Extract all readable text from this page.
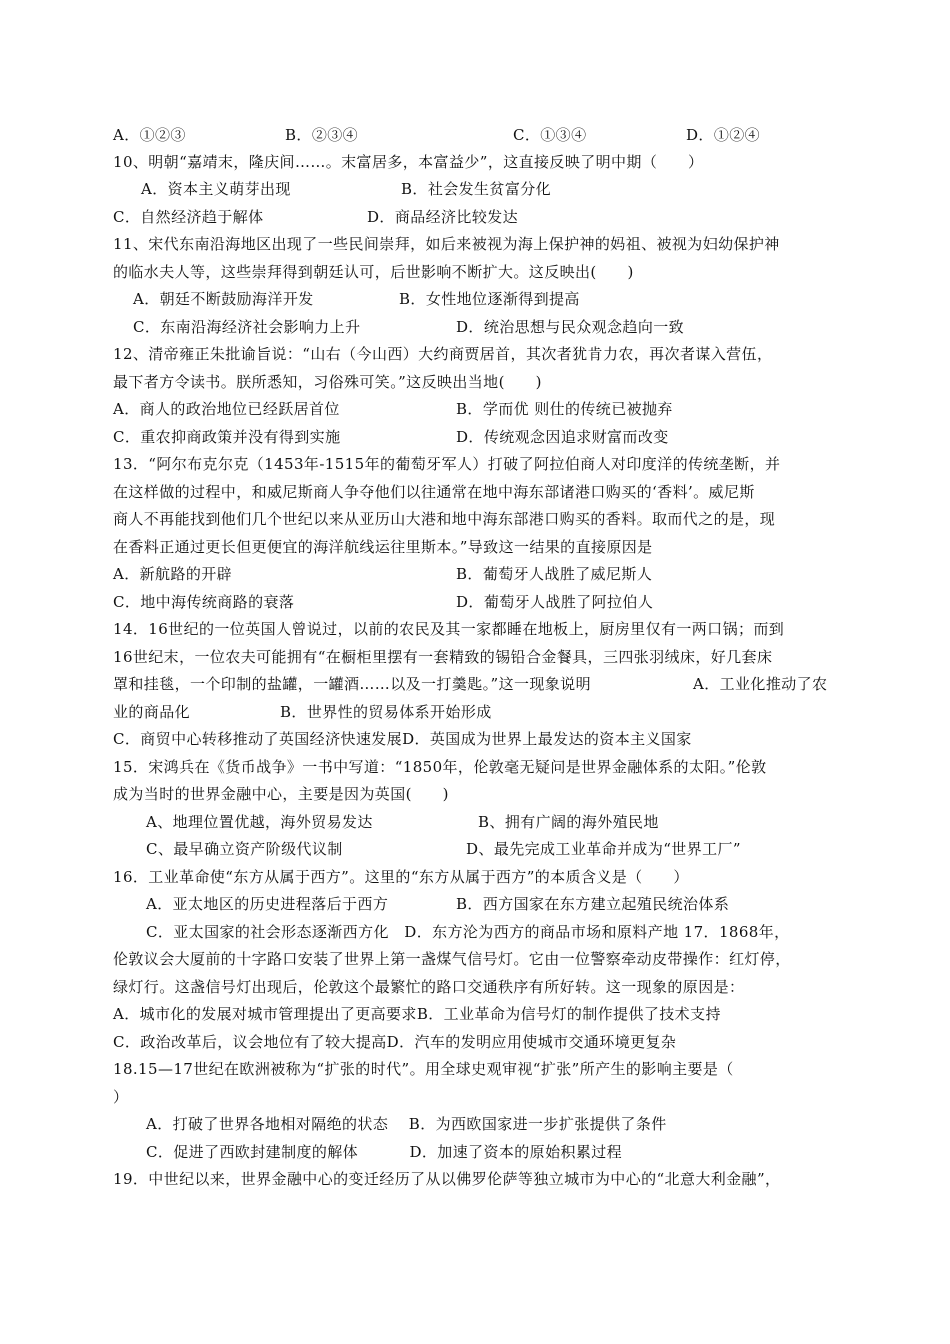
A．①②③	B．②③④	C．①③④	D．①②④
10、明朝“嘉靖末，隆庆间……。末富居多，本富益少”，这直接反映了明中期（　　）
A．资本主义萌芽出现	B．社会发生贫富分化
C．自然经济趋于解体	D．商品经济比较发达
11、宋代东南沿海地区出现了一些民间崇拜，如后来被视为海上保护神的妈祖、被视为妇幼保护神
的临水夫人等，这些崇拜得到朝廷认可，后世影响不断扩大。这反映出(　　)
A．朝廷不断鼓励海洋开发	B．女性地位逐渐得到提高
C．东南沿海经济社会影响力上升	D．统治思想与民众观念趋向一致
12、清帝雍正朱批谕旨说：“山右（今山西）大约商贾居首，其次者犹肯力农，再次者谋入营伍，
最下者方令读书。朕所悉知，习俗殊可笑。”这反映出当地(　　)
A．商人的政治地位已经跃居首位	B．学而优 则仕的传统已被抛弃
C．重农抑商政策并没有得到实施	D．传统观念因追求财富而改变
13．“阿尔布克尔克（1453年-1515年的葡萄牙军人）打破了阿拉伯商人对印度洋的传统垄断，并
在这样做的过程中，和威尼斯商人争夺他们以往通常在地中海东部诸港口购买的‘香料’。威尼斯
商人不再能找到他们几个世纪以来从亚历山大港和地中海东部港口购买的香料。取而代之的是，现
在香料正通过更长但更便宜的海洋航线运往里斯本。”导致这一结果的直接原因是
A．新航路的开辟	B．葡萄牙人战胜了威尼斯人
C．地中海传统商路的衰落	D．葡萄牙人战胜了阿拉伯人
14．16世纪的一位英国人曾说过，以前的农民及其一家都睡在地板上，厨房里仅有一两口锅；而到
16世纪末，一位农夫可能拥有“在橱柜里摆有一套精致的锡铅合金餐具，三四张羽绒床，好几套床
罩和挂毯，一个印制的盐罐，一罐酒……以及一打羹匙。”这一现象说明	A．工业化推动了农
业的商品化	B．世界性的贸易体系开始形成
C．商贸中心转移推动了英国经济快速发展D．英国成为世界上最发达的资本主义国家
15．宋鸿兵在《货币战争》一书中写道：“1850年，伦敦毫无疑问是世界金融体系的太阳。”伦敦
成为当时的世界金融中心，主要是因为英国(　　)
A、地理位置优越，海外贸易发达	B、拥有广阔的海外殖民地
C、最早确立资产阶级代议制	D、最先完成工业革命并成为“世界工厂”
16．工业革命使“东方从属于西方”。这里的“东方从属于西方”的本质含义是（　　）
A．亚太地区的历史进程落后于西方	B．西方国家在东方建立起殖民统治体系
C．亚太国家的社会形态逐渐西方化　D．东方沦为西方的商品市场和原料产地 17．1868年，
伦敦议会大厦前的十字路口安装了世界上第一盏煤气信号灯。它由一位警察牵动皮带操作：红灯停，
绿灯行。这盏信号灯出现后，伦敦这个最繁忙的路口交通秩序有所好转。这一现象的原因是：
A．城市化的发展对城市管理提出了更高要求B．工业革命为信号灯的制作提供了技术支持
C．政治改革后，议会地位有了较大提高D．汽车的发明应用使城市交通环境更复杂
18.15—17世纪在欧洲被称为“扩张的时代”。用全球史观审视“扩张”所产生的影响主要是（
）
A．打破了世界各地相对隔绝的状态　 B．为西欧国家进一步扩张提供了条件
C．促进了西欧封建制度的解体　　　 D．加速了资本的原始积累过程
19．中世纪以来，世界金融中心的变迁经历了从以佛罗伦萨等独立城市为中心的“北意大利金融”，
